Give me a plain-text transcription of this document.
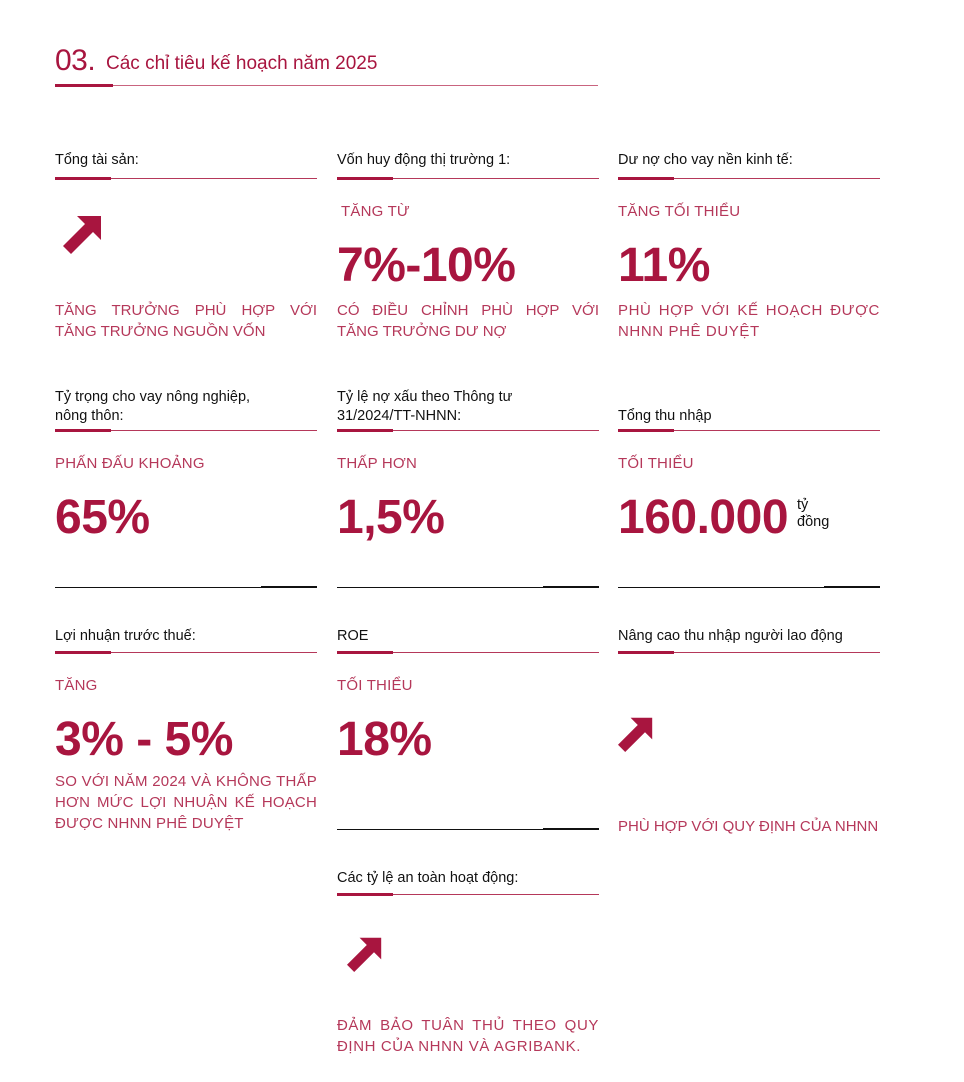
03. Các chỉ tiêu kế hoạch năm 2025
Tổng tài sản:
TĂNG TRƯỞNG PHÙ HỢP VỚI TĂNG TRƯỞNG NGUỒN VỐN
Vốn huy động thị trường 1:
TĂNG TỪ
7%-10%
CÓ ĐIỀU CHỈNH PHÙ HỢP VỚI TĂNG TRƯỞNG DƯ NỢ
Dư nợ cho vay nền kinh tế:
TĂNG TỐI THIỂU
11%
PHÙ HỢP VỚI KẾ HOẠCH ĐƯỢC NHNN PHÊ DUYỆT
Tỷ trọng cho vay nông nghiệp,
nông thôn:
PHẤN ĐẤU KHOẢNG
65%
Tỷ lệ nợ xấu theo Thông tư
31/2024/TT-NHNN:
THẤP HƠN
1,5%
Tổng thu nhập
TỐI THIỂU
160.000 tỷ
đồng
Lợi nhuận trước thuế:
TĂNG
3% - 5%
SO VỚI NĂM 2024 VÀ KHÔNG THẤP HƠN MỨC LỢI NHUẬN KẾ HOẠCH ĐƯỢC NHNN PHÊ DUYỆT
ROE
TỐI THIỂU
18%
Nâng cao thu nhập người lao động
PHÙ HỢP VỚI QUY ĐỊNH CỦA NHNN
Các tỷ lệ an toàn hoạt động:
ĐẢM BẢO TUÂN THỦ THEO QUY ĐỊNH CỦA NHNN VÀ AGRIBANK.
